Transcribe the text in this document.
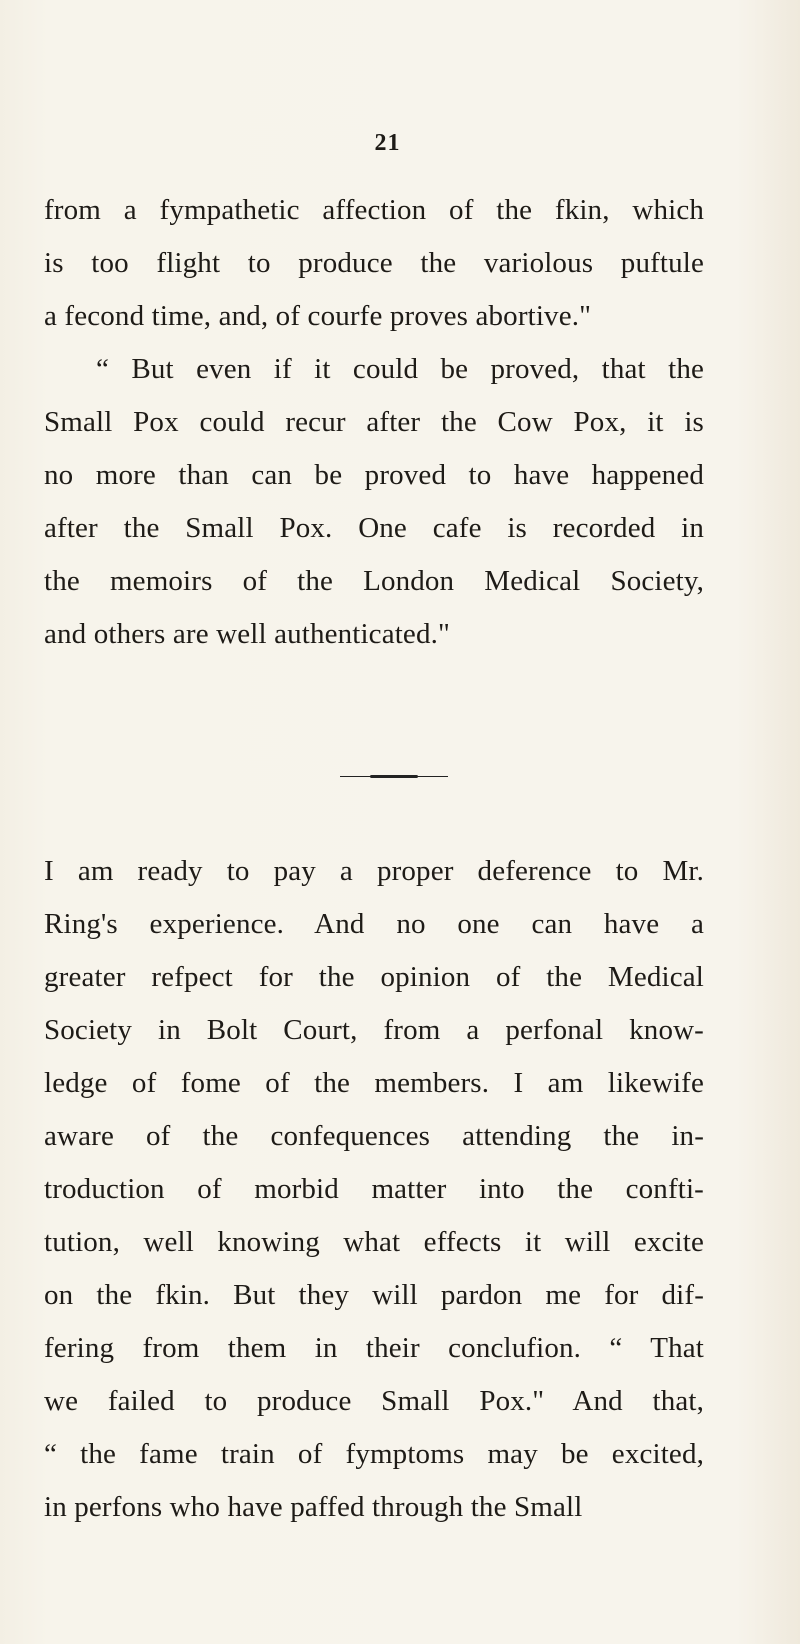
21
from a fympathetic affection of the fkin, which
is too flight to produce the variolous puftule
a fecond time, and, of courfe proves abortive."
“ But even if it could be proved, that the
Small Pox could recur after the Cow Pox, it is
no more than can be proved to have happened
after the Small Pox. One cafe is recorded in
the memoirs of the London Medical Society,
and others are well authenticated."
I am ready to pay a proper deference to Mr.
Ring's experience. And no one can have a
greater refpect for the opinion of the Medical
Society in Bolt Court, from a perfonal know-
ledge of fome of the members. I am likewife
aware of the confequences attending the in-
troduction of morbid matter into the confti-
tution, well knowing what effects it will excite
on the fkin. But they will pardon me for dif-
fering from them in their conclufion. “ That
we failed to produce Small Pox." And that,
“ the fame train of fymptoms may be excited,
in perfons who have paffed through the Small
